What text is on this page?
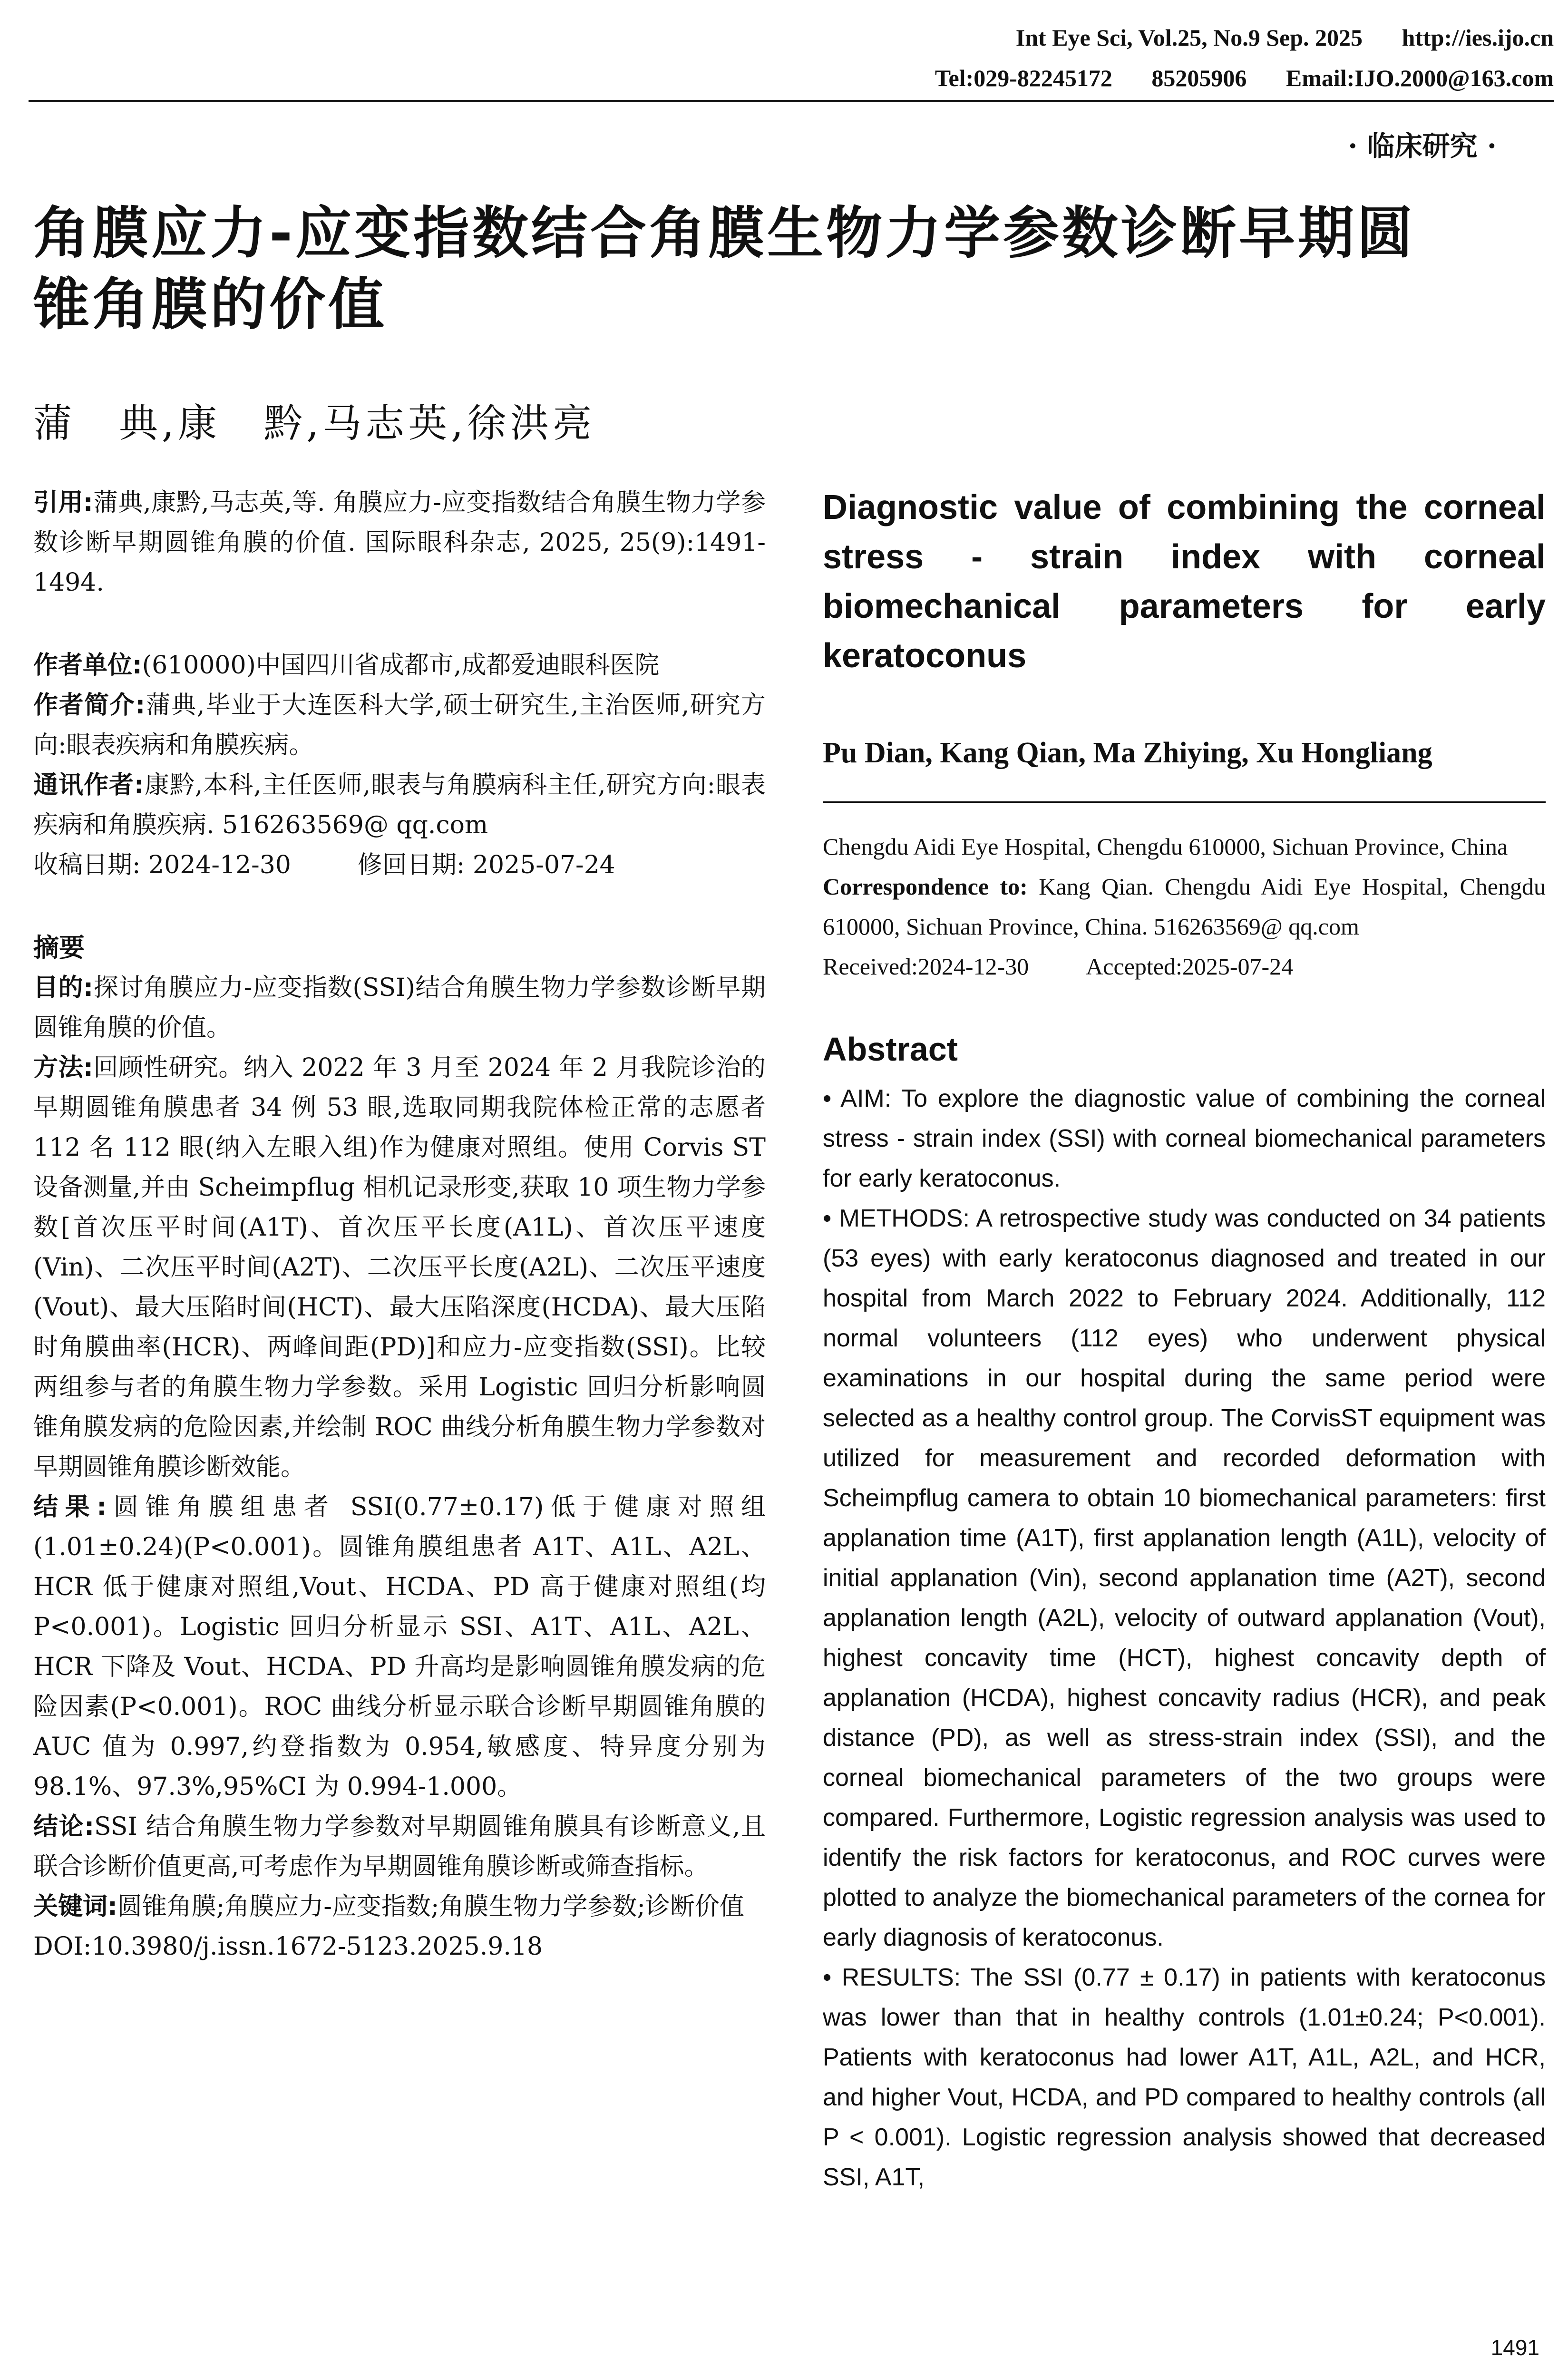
Int Eye Sci, Vol.25, No.9 Sep. 2025 http://ies.ijo.cn
Tel:029-82245172 85205906 Email:IJO.2000@163.com
· 临床研究 ·
角膜应力-应变指数结合角膜生物力学参数诊断早期圆
锥角膜的价值
蒲　典,康　黔,马志英,徐洪亮

引用:蒲典,康黔,马志英,等. 角膜应力-应变指数结合角膜生物力学参数诊断早期圆锥角膜的价值. 国际眼科杂志, 2025, 25(9):1491-1494.

作者单位:(610000)中国四川省成都市,成都爱迪眼科医院

作者简介:蒲典,毕业于大连医科大学,硕士研究生,主治医师,研究方向:眼表疾病和角膜疾病。

通讯作者:康黔,本科,主任医师,眼表与角膜病科主任,研究方向:眼表疾病和角膜疾病. 516263569@ qq.com

收稿日期: 2024-12-30	修回日期: 2025-07-24

摘要

目的:探讨角膜应力-应变指数(SSI)结合角膜生物力学参数诊断早期圆锥角膜的价值。

方法:回顾性研究。纳入 2022 年 3 月至 2024 年 2 月我院诊治的早期圆锥角膜患者 34 例 53 眼,选取同期我院体检正常的志愿者 112 名 112 眼(纳入左眼入组)作为健康对照组。使用 Corvis ST 设备测量,并由 Scheimpflug 相机记录形变,获取 10 项生物力学参数[首次压平时间(A1T)、首次压平长度(A1L)、首次压平速度(Vin)、二次压平时间(A2T)、二次压平长度(A2L)、二次压平速度(Vout)、最大压陷时间(HCT)、最大压陷深度(HCDA)、最大压陷时角膜曲率(HCR)、两峰间距(PD)]和应力-应变指数(SSI)。比较两组参与者的角膜生物力学参数。采用 Logistic 回归分析影响圆锥角膜发病的危险因素,并绘制 ROC 曲线分析角膜生物力学参数对早期圆锥角膜诊断效能。

结果:圆锥角膜组患者 SSI(0.77±0.17)低于健康对照组(1.01±0.24)(P<0.001)。圆锥角膜组患者 A1T、A1L、A2L、HCR 低于健康对照组,Vout、HCDA、PD 高于健康对照组(均 P<0.001)。Logistic 回归分析显示 SSI、A1T、A1L、A2L、HCR 下降及 Vout、HCDA、PD 升高均是影响圆锥角膜发病的危险因素(P<0.001)。ROC 曲线分析显示联合诊断早期圆锥角膜的 AUC 值为 0.997,约登指数为 0.954,敏感度、特异度分别为 98.1%、97.3%,95%CI 为 0.994-1.000。

结论:SSI 结合角膜生物力学参数对早期圆锥角膜具有诊断意义,且联合诊断价值更高,可考虑作为早期圆锥角膜诊断或筛查指标。

关键词:圆锥角膜;角膜应力-应变指数;角膜生物力学参数;诊断价值

DOI:10.3980/j.issn.1672-5123.2025.9.18

Diagnostic value of combining the corneal stress - strain index with corneal biomechanical parameters for early keratoconus

Pu Dian, Kang Qian, Ma Zhiying, Xu Hongliang
Chengdu Aidi Eye Hospital, Chengdu 610000, Sichuan Province, China
Correspondence to: Kang Qian. Chengdu Aidi Eye Hospital, Chengdu 610000, Sichuan Province, China. 516263569@ qq.com
Received:2024-12-30 Accepted:2025-07-24
Abstract

• AIM: To explore the diagnostic value of combining the corneal stress - strain index (SSI) with corneal biomechanical parameters for early keratoconus.

• METHODS: A retrospective study was conducted on 34 patients (53 eyes) with early keratoconus diagnosed and treated in our hospital from March 2022 to February 2024. Additionally, 112 normal volunteers (112 eyes) who underwent physical examinations in our hospital during the same period were selected as a healthy control group. The CorvisST equipment was utilized for measurement and recorded deformation with Scheimpflug camera to obtain 10 biomechanical parameters: first applanation time (A1T), first applanation length (A1L), velocity of initial applanation (Vin), second applanation time (A2T), second applanation length (A2L), velocity of outward applanation (Vout), highest concavity time (HCT), highest concavity depth of applanation (HCDA), highest concavity radius (HCR), and peak distance (PD), as well as stress-strain index (SSI), and the corneal biomechanical parameters of the two groups were compared. Furthermore, Logistic regression analysis was used to identify the risk factors for keratoconus, and ROC curves were plotted to analyze the biomechanical parameters of the cornea for early diagnosis of keratoconus.

• RESULTS: The SSI (0.77 ± 0.17) in patients with keratoconus was lower than that in healthy controls (1.01±0.24; P<0.001). Patients with keratoconus had lower A1T, A1L, A2L, and HCR, and higher Vout, HCDA, and PD compared to healthy controls (all P < 0.001). Logistic regression analysis showed that decreased SSI, A1T,

1491
